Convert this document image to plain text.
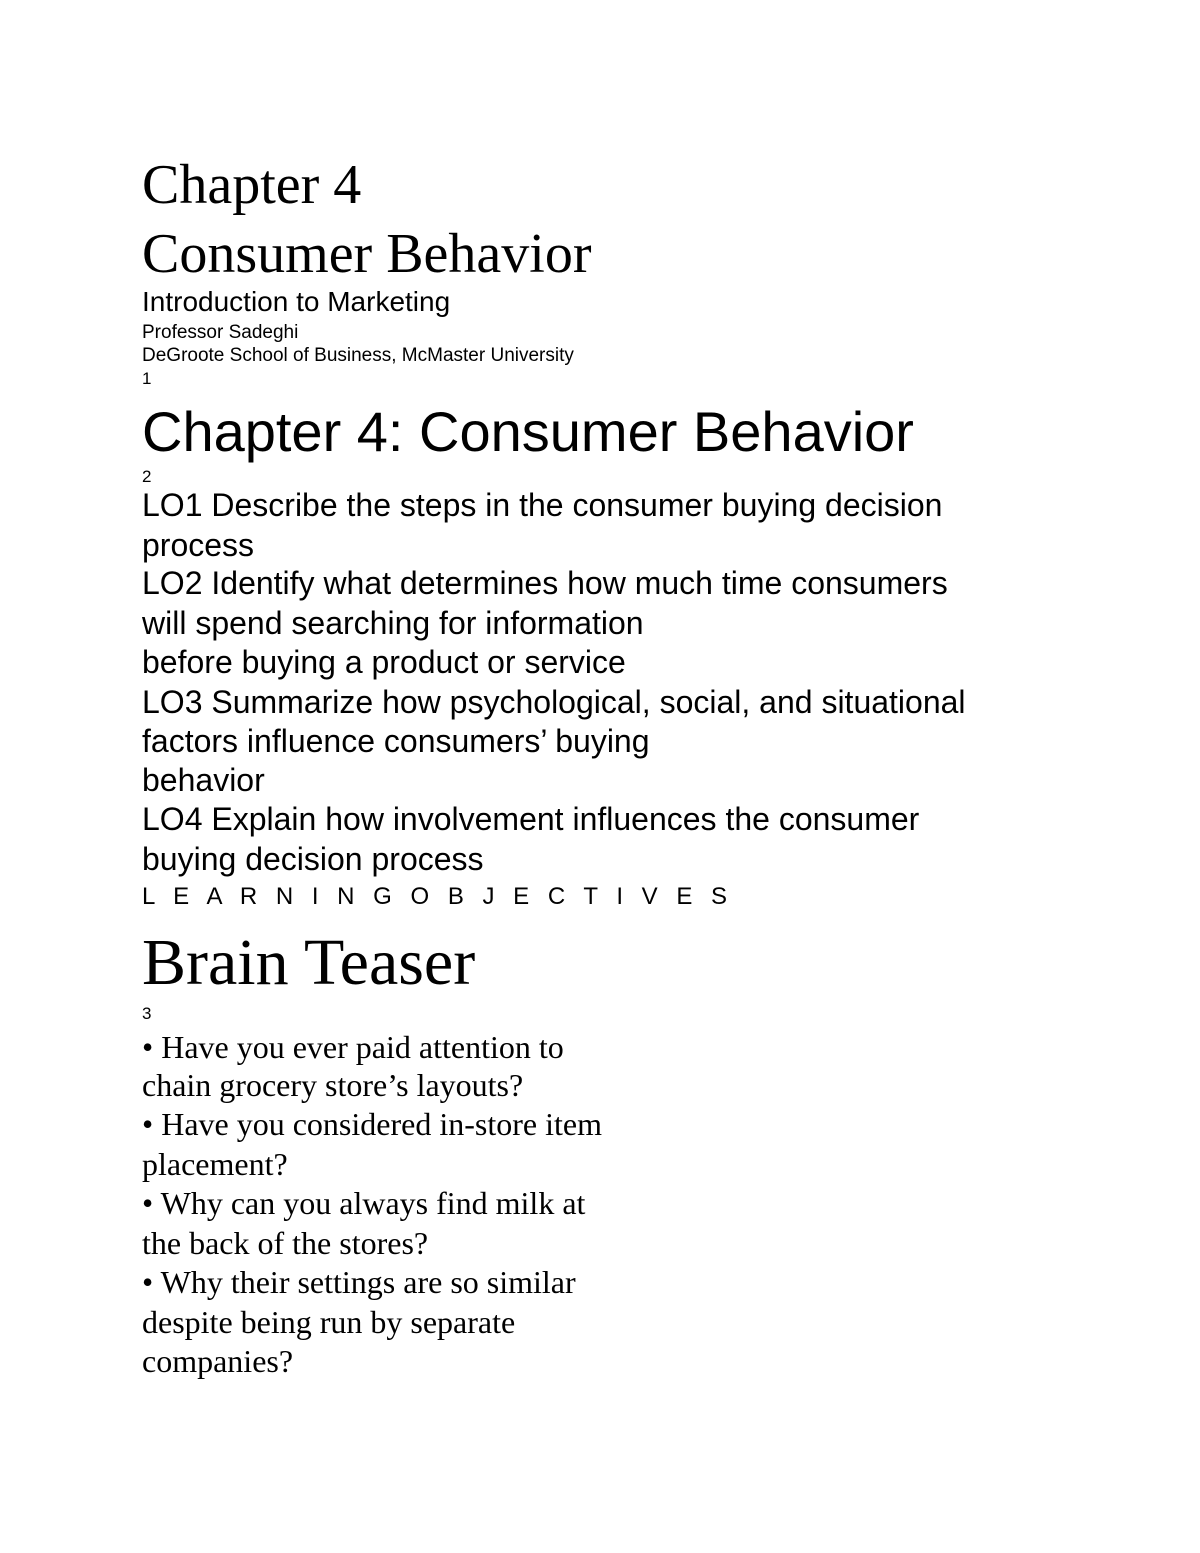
Chapter 4
Consumer Behavior
Introduction to Marketing
Professor Sadeghi
DeGroote School of Business, McMaster University
1
Chapter 4: Consumer Behavior
2
LO1 Describe the steps in the consumer buying decision
process
LO2 Identify what determines how much time consumers
will spend searching for information
before buying a product or service
LO3 Summarize how psychological, social, and situational
factors influence consumers’ buying
behavior
LO4 Explain how involvement influences the consumer
buying decision process
L E A R N I N G O B J E C T I V E S
Brain Teaser
3
• Have you ever paid attention to
chain grocery store’s layouts?
• Have you considered in-store item
placement?
• Why can you always find milk at
the back of the stores?
• Why their settings are so similar
despite being run by separate
companies?
